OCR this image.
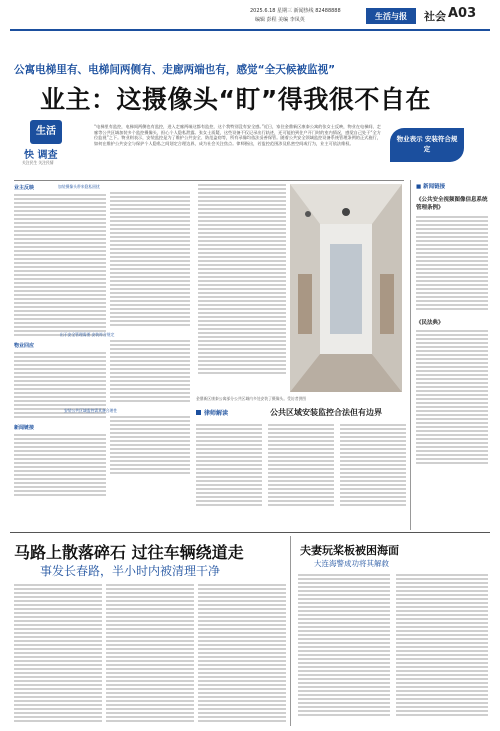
2025.6.18 星期三 新闻热线 82488888
编辑 彭程 美编 李凤英	生活与报	社会 A03
公寓电梯里有、电梯间两侧有、走廊两端也有，感觉“全天候被监视”
业主：这摄像头“盯”得我很不自在
生活
快 调查
关注民生 关注民情
“电梯里有监控，电梯间两侧也有监控，进入走廊两端这都有监控，这个我特别没有安全感。”近日，家住金鼎新区康泰公寓的张女士反映，物业在电梯间、走廊等公共区域加装多个监控摄像头，担心个人隐私泄露。张女士质疑，这些设备不仅记录出行轨迹，还可能拍到住户开门时的室内情况，感觉自己处于“全方位监视”之下。物业则表示，安装监控是为了维护公共安全、防范盗窃等，所有录像均依法妥善保管。随着公共安全领域监控设备系统管理条例的正式施行，如何在维护公共安全与保护个人隐私之间划定合理边界，成为社会关注焦点。律师指出，若监控范围涉及私密空间或行为，业主可依法维权。
物业表示 安装符合规定
业主反映
物业回应
新闻链接
加装摄像头带来隐私困扰
出于安全管理需要 安装符合规定
安装公共区域监控需具备合理性
金鼎新区康泰公寓部分公共区域内多处安装了摄像头。受访者供图
律师解读	公共区域安装监控合法但有边界
■ 新闻链接
《公共安全视频图像信息系统管理条例》
《民法典》
马路上散落碎石 过往车辆绕道走
事发长春路，半小时内被清理干净
夫妻玩桨板被困海面
大连海警成功将其解救
